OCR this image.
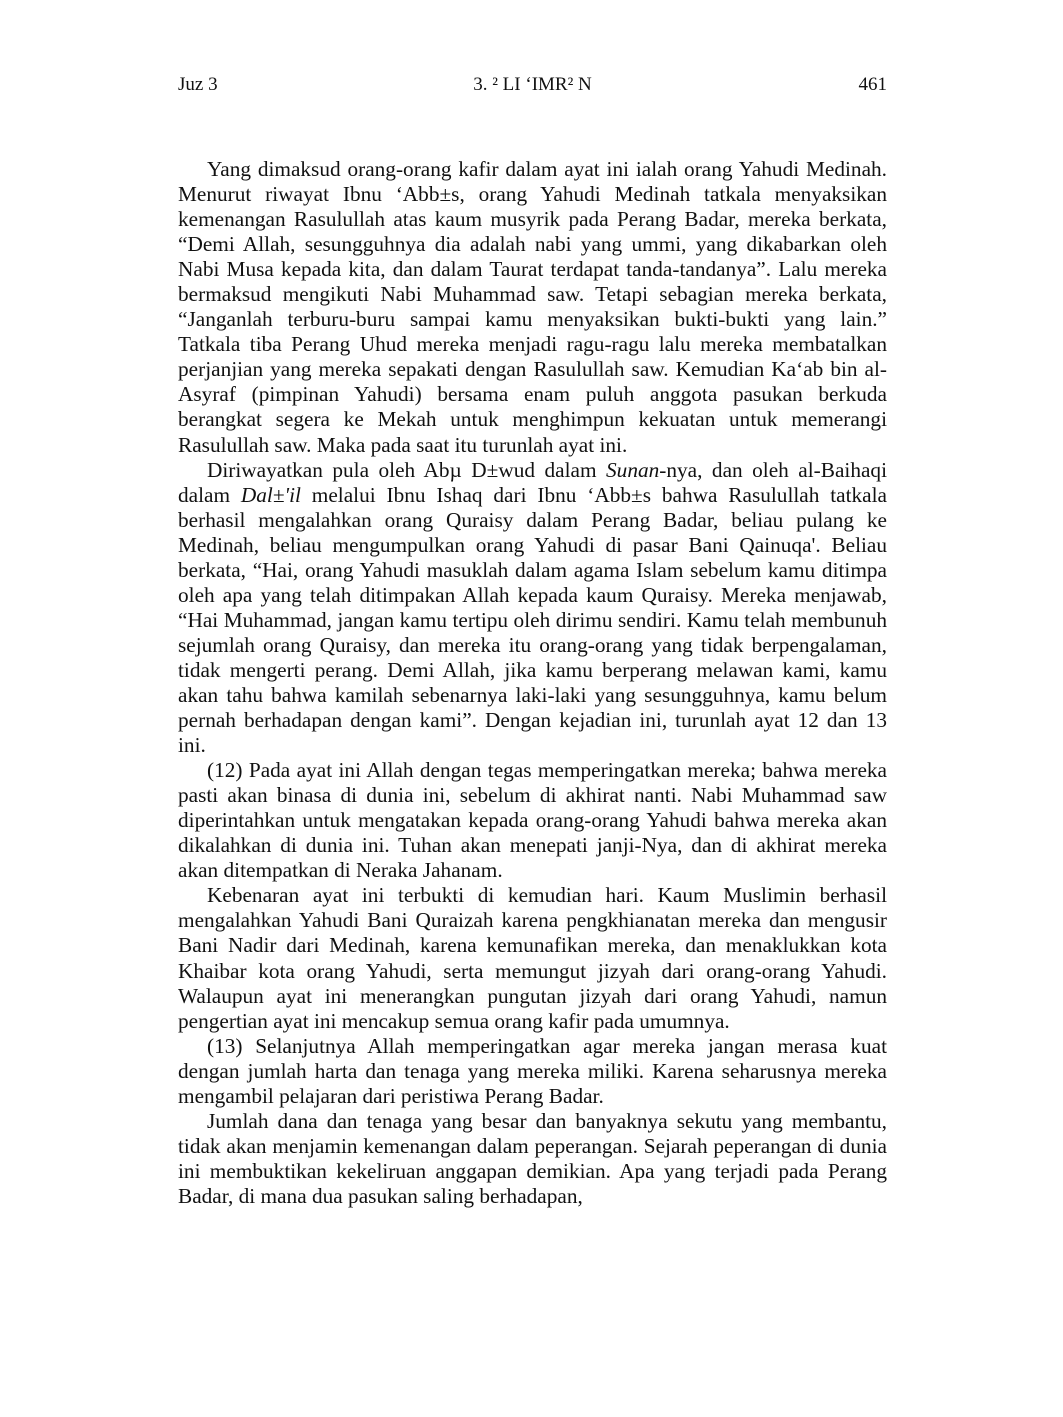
Juz 3	3. ² LI ‘IMR² N	461

Yang dimaksud orang-orang kafir dalam ayat ini ialah orang Yahudi Medinah. Menurut riwayat Ibnu ‘Abb±s, orang Yahudi Medinah tatkala menyaksikan kemenangan Rasulullah atas kaum musyrik pada Perang Badar, mereka berkata, “Demi Allah, sesungguhnya dia adalah nabi yang ummi, yang dikabarkan oleh Nabi Musa kepada kita, dan dalam Taurat terdapat tanda-tandanya”. Lalu mereka bermaksud mengikuti Nabi Muhammad saw. Tetapi sebagian mereka berkata, “Janganlah terburu-buru sampai kamu menyaksikan bukti-bukti yang lain.” Tatkala tiba Perang Uhud mereka menjadi ragu-ragu lalu mereka membatalkan perjanjian yang mereka sepakati dengan Rasulullah saw. Kemudian Ka‘ab bin al-Asyraf (pimpinan Yahudi) bersama enam puluh anggota pasukan berkuda berangkat segera ke Mekah untuk menghimpun kekuatan untuk memerangi Rasulullah saw. Maka pada saat itu turunlah ayat ini.

Diriwayatkan pula oleh Abµ D±wud dalam Sunan-nya, dan oleh al-Baihaqi dalam Dal±'il melalui Ibnu Ishaq dari Ibnu ‘Abb±s bahwa Rasulullah tatkala berhasil mengalahkan orang Quraisy dalam Perang Badar, beliau pulang ke Medinah, beliau mengumpulkan orang Yahudi di pasar Bani Qainuqa'. Beliau berkata, “Hai, orang Yahudi masuklah dalam agama Islam sebelum kamu ditimpa oleh apa yang telah ditimpakan Allah kepada kaum Quraisy. Mereka menjawab, “Hai Muhammad, jangan kamu tertipu oleh dirimu sendiri. Kamu telah membunuh sejumlah orang Quraisy, dan mereka itu orang-orang yang tidak berpengalaman, tidak mengerti perang. Demi Allah, jika kamu berperang melawan kami, kamu akan tahu bahwa kamilah sebenarnya laki-laki yang sesungguhnya, kamu belum pernah berhadapan dengan kami”. Dengan kejadian ini, turunlah ayat 12 dan 13 ini.

(12) Pada ayat ini Allah dengan tegas memperingatkan mereka; bahwa mereka pasti akan binasa di dunia ini, sebelum di akhirat nanti. Nabi Muhammad saw diperintahkan untuk mengatakan kepada orang-orang Yahudi bahwa mereka akan dikalahkan di dunia ini. Tuhan akan menepati janji-Nya, dan di akhirat mereka akan ditempatkan di Neraka Jahanam.

Kebenaran ayat ini terbukti di kemudian hari. Kaum Muslimin berhasil mengalahkan Yahudi Bani Quraizah karena pengkhianatan mereka dan mengusir Bani Nadir dari Medinah, karena kemunafikan mereka, dan menaklukkan kota Khaibar kota orang Yahudi, serta memungut jizyah dari orang-orang Yahudi. Walaupun ayat ini menerangkan pungutan jizyah dari orang Yahudi, namun pengertian ayat ini mencakup semua orang kafir pada umumnya.

(13) Selanjutnya Allah memperingatkan agar mereka jangan merasa kuat dengan jumlah harta dan tenaga yang mereka miliki. Karena seharusnya mereka mengambil pelajaran dari peristiwa Perang Badar.

Jumlah dana dan tenaga yang besar dan banyaknya sekutu yang membantu, tidak akan menjamin kemenangan dalam peperangan. Sejarah peperangan di dunia ini membuktikan kekeliruan anggapan demikian. Apa yang terjadi pada Perang Badar, di mana dua pasukan saling berhadapan,
